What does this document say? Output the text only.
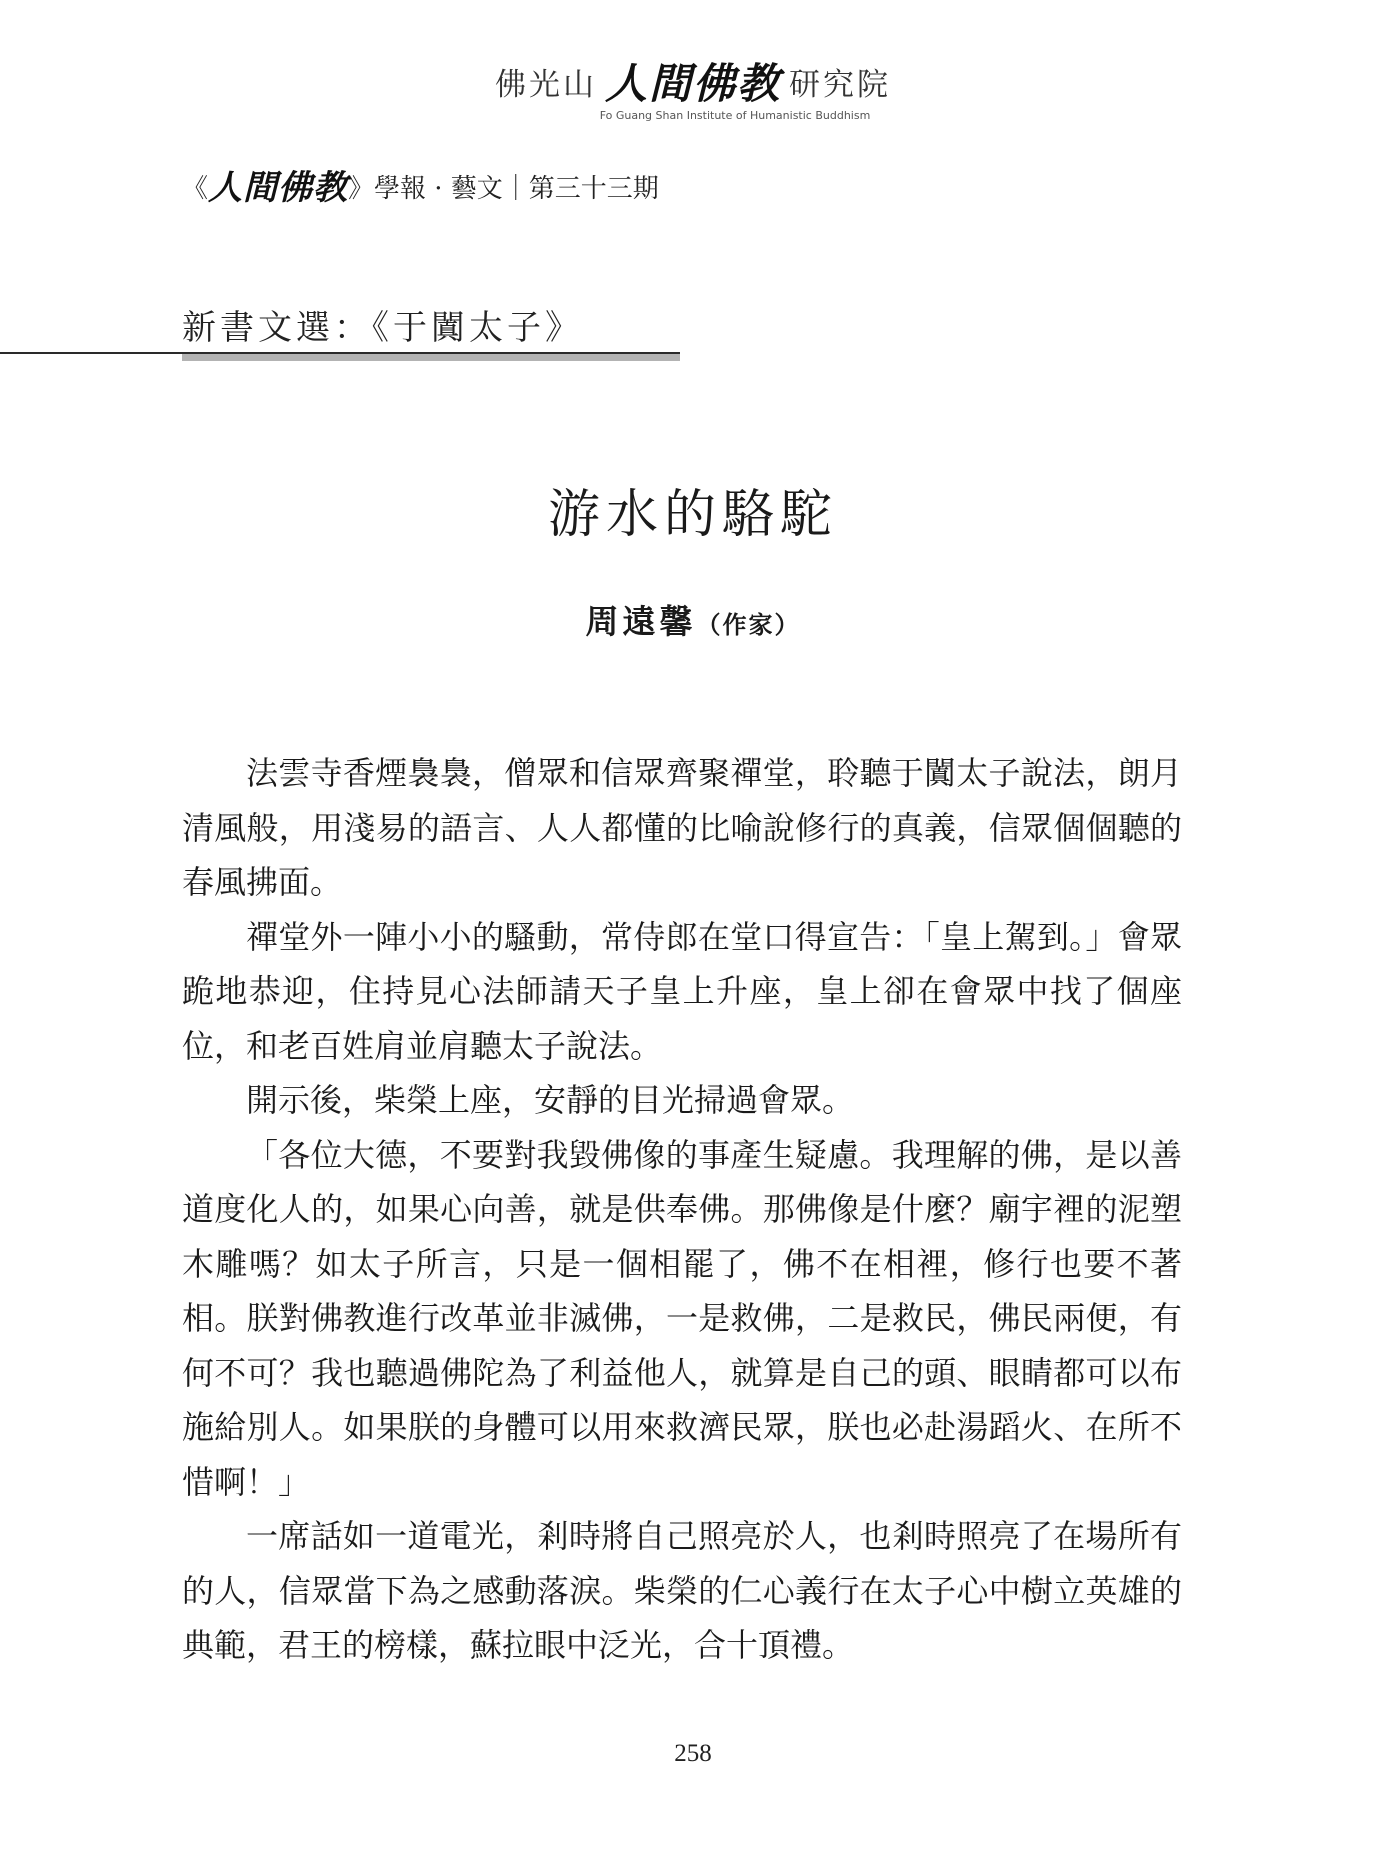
佛光山 人間佛教 研究院
Fo Guang Shan Institute of Humanistic Buddhism
《人間佛教》學報 · 藝文｜第三十三期
新書文選：《于闐太子》
游水的駱駝
周遠馨（作家）

法雲寺香煙裊裊，僧眾和信眾齊聚禪堂，聆聽于闐太子說法，朗月清風般，用淺易的語言、人人都懂的比喻說修行的真義，信眾個個聽的春風拂面。

禪堂外一陣小小的騷動，常侍郎在堂口得宣告：「皇上駕到。」會眾跪地恭迎，住持見心法師請天子皇上升座，皇上卻在會眾中找了個座位，和老百姓肩並肩聽太子說法。

開示後，柴榮上座，安靜的目光掃過會眾。

「各位大德，不要對我毀佛像的事產生疑慮。我理解的佛，是以善道度化人的，如果心向善，就是供奉佛。那佛像是什麼？廟宇裡的泥塑木雕嗎？如太子所言，只是一個相罷了，佛不在相裡，修行也要不著相。朕對佛教進行改革並非滅佛，一是救佛，二是救民，佛民兩便，有何不可？我也聽過佛陀為了利益他人，就算是自己的頭、眼睛都可以布施給別人。如果朕的身體可以用來救濟民眾，朕也必赴湯蹈火、在所不惜啊！」

一席話如一道電光，剎時將自己照亮於人，也剎時照亮了在場所有的人，信眾當下為之感動落淚。柴榮的仁心義行在太子心中樹立英雄的典範，君王的榜樣，蘇拉眼中泛光，合十頂禮。

258
